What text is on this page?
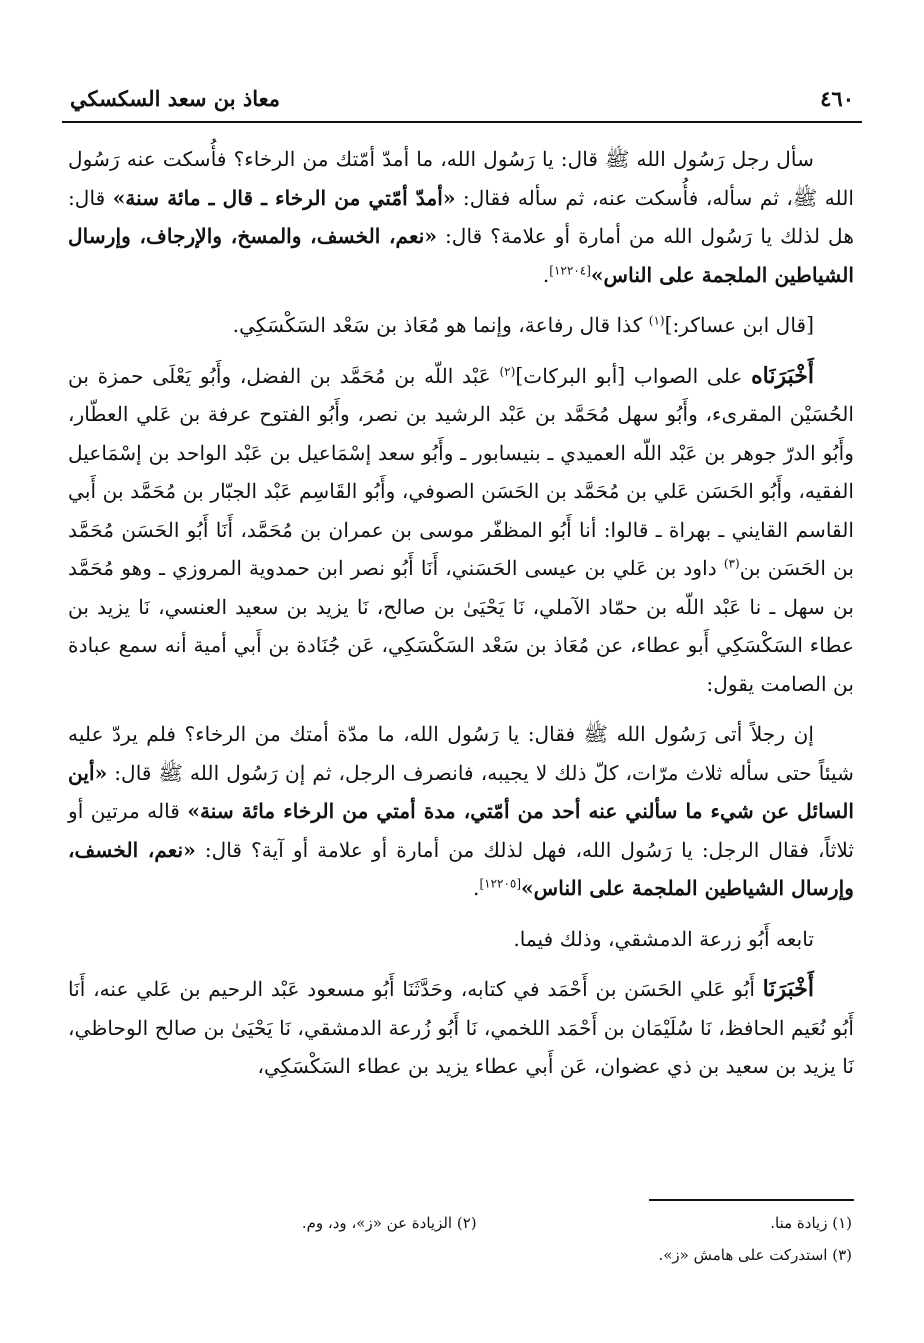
٤٦٠
معاذ بن سعد السكسكي

سأل رجل رَسُول الله ﷺ قال: يا رَسُول الله، ما أمدّ أمّتك من الرخاء؟ فأُسكت عنه رَسُول الله ﷺ، ثم سأله، فأُسكت عنه، ثم سأله فقال: «أمدّ أمّتي من الرخاء ـ قال ـ مائة سنة» قال: هل لذلك يا رَسُول الله من أمارة أو علامة؟ قال: «نعم، الخسف، والمسخ، والإرجاف، وإرسال الشياطين الملجمة على الناس»[١٢٢٠٤].

[قال ابن عساكر:]$^{(١)}$ كذا قال رفاعة، وإنما هو مُعَاذ بن سَعْد السَكْسَكِي.

أَخْبَرَنَاه على الصواب [أبو البركات]$^{(٢)}$ عَبْد اللّه بن مُحَمَّد بن الفضل، وأَبُو يَعْلَى حمزة بن الحُسَيْن المقرىء، وأَبُو سهل مُحَمَّد بن عَبْد الرشيد بن نصر، وأَبُو الفتوح عرفة بن عَلي العطّار، وأَبُو الدرّ جوهر بن عَبْد اللّه العميدي ـ بنيسابور ـ وأَبُو سعد إسْمَاعيل بن عَبْد الواحد بن إسْمَاعيل الفقيه، وأَبُو الحَسَن عَلي بن مُحَمَّد بن الحَسَن الصوفي، وأَبُو القَاسِم عَبْد الجبّار بن مُحَمَّد بن أَبي القاسم القايني ـ بهراة ـ قالوا: أنا أَبُو المظفّر موسى بن عمران بن مُحَمَّد، أَنَا أَبُو الحَسَن مُحَمَّد بن الحَسَن بن$^{(٣)}$ داود بن عَلي بن عيسى الحَسَني، أَنَا أَبُو نصر ابن حمدوية المروزي ـ وهو مُحَمَّد بن سهل ـ نا عَبْد اللّه بن حمّاد الآملي، نَا يَحْيَىٰ بن صالح، نَا يزيد بن سعيد العنسي، نَا يزيد بن عطاء السَكْسَكِي أَبو عطاء، عن مُعَاذ بن سَعْد السَكْسَكِي، عَن جُنَادة بن أَبي أمية أنه سمع عبادة بن الصامت يقول:

إن رجلاً أتى رَسُول الله ﷺ فقال: يا رَسُول الله، ما مدّة أمتك من الرخاء؟ فلم يردّ عليه شيئاً حتى سأله ثلاث مرّات، كلّ ذلك لا يجيبه، فانصرف الرجل، ثم إن رَسُول الله ﷺ قال: «أين السائل عن شيء ما سألني عنه أحد من أمّتي، مدة أمتي من الرخاء مائة سنة» قاله مرتين أو ثلاثاً، فقال الرجل: يا رَسُول الله، فهل لذلك من أمارة أو علامة أو آية؟ قال: «نعم، الخسف، وإرسال الشياطين الملجمة على الناس»[١٢٢٠٥].

تابعه أَبُو زرعة الدمشقي، وذلك فيما.

أَخْبَرَنَا أَبُو عَلي الحَسَن بن أَحْمَد في كتابه، وحَدَّثَنَا أَبُو مسعود عَبْد الرحيم بن عَلي عنه، أَنَا أَبُو نُعَيم الحافظ، نَا سُلَيْمَان بن أَحْمَد اللخمي، نَا أَبُو زُرعة الدمشقي، نَا يَحْيَىٰ بن صالح الوحاظي، نَا يزيد بن سعيد بن ذي عضوان، عَن أَبي عطاء يزيد بن عطاء السَكْسَكِي،

(١) زيادة منا.
(٢) الزيادة عن «ز»، ود، وم.
(٣) استدركت على هامش «ز».
